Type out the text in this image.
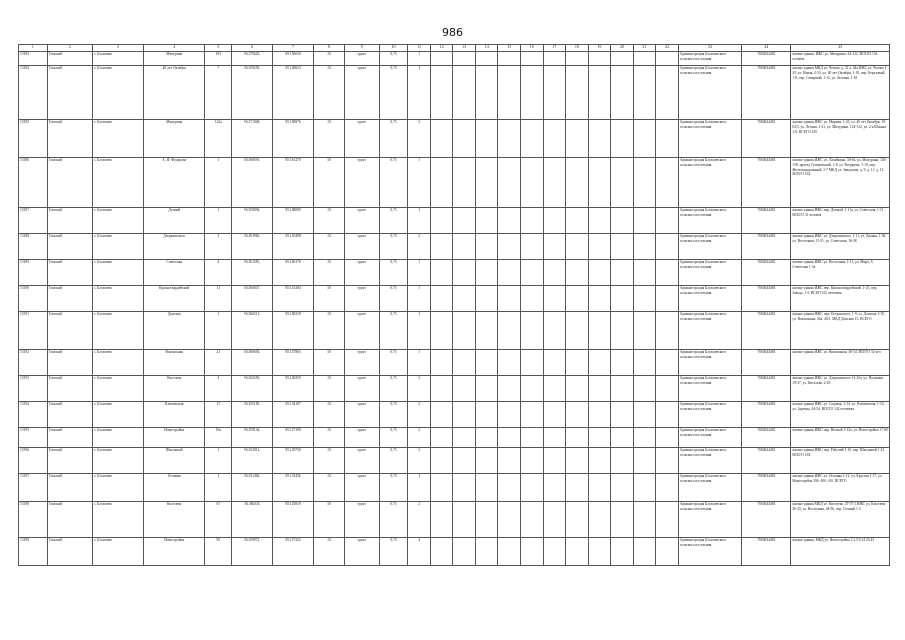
986
1	2	3	4	5	6	7	8	9	10	11	12	13	14	15	16	17	18	19	20	21	22	23	24	25
13183	Томский	с. Богашево	Мичурина	103	56.370625,	85.156630	10	грунт	0,75	1												Администрация Богашевского сельского поселения	7004044465	жилые здания, ИЖС ул. Мичурина, 64-122. ВСЕГО 154 человек
13184	Томский	с. Богашево	40 лет Октября	7	56.359250,	85.148023	10	грунт	0,75	1												Администрация Богашевского сельского поселения	7004044465	жилые здания МКД ул. Чехова, д. 31 а, 34а ИЖС ул. Чехова 1-45, ул. Новая, 2-33, ул. 40 лет Октября, 1-18, пер. Березовый, 1-9, пер. Северный, 1-12, ул. Зеленая, 1-18
13185	Томский	с. Богашево	Мичурина	122а	56.371948,	85.158876	10	грунт	0,75	2												Администрация Богашевского сельского поселения	7004044465	жилые здания ИЖС ул. Мирная, 1-25, ул. 40 лет Октября, 19-62/5, ул. Лесная, 1-21, ул. Мичурина, 124-132, ул. 2-я Южная 1-6. ВСЕГО 329
13186	Томский	с. Богашево	А. Ф. Федорова	1	56.368591,	85.161270	10	грунт	0,75	1												Администрация Богашевского сельского поселения	7004044465	жилые здания ИЖС ул. Лазайкина, 30-64, ул. Мичурина, 126-158, проезд Суворовский, 1-6, ул. Федорова, 1-19, пер. Железнодорожный, 1-7 МКД ул. Заводская, д. 9, д. 11, д. 13. ВСЕГО 162
13187	Томский	с. Богашево	Детный	1	56.358094,	85.148080	10	грунт	0,75	1												Администрация Богашевского сельского поселения	7004044465	жилые здания ИЖС пер. Детный, 1-11а, ул. Советская, 1-11. ВСЕГО 31 человек
13188	Томский	с. Богашево	Дзержинского	3	56.363960,	85.145498	10	грунт	0,75	2												Администрация Богашевского сельского поселения	7004044465	жилые здания ИЖС ул. Дзержинского, 1-11, ул. Дачная, 1-50, ул. Восточная, 11-31, ул. Советская, 16-38
13189	Томский	с. Богашево	Советская	4	56.361581,	85.146176	10	грунт	0,75	1												Администрация Богашевского сельского поселения	7004044465	жилые здания ИЖС ул. Восточная, 1-11, ул. Мира, 9, Советская 1-3а
13190	Томский	с. Богашево	Красногвардейский	11	56.366047,	85.141284	10	грунт	0,75	1												Администрация Богашевского сельского поселения	7004044465	жилые здания ИЖС пер. Красногвардейский, 1-21, пер. Заводь, 1-5. ВСЕГО 62 человека
13191	Томский	с. Богашево	Донская	1	56.366513,	85.148339	10	грунт	0,75	1												Администрация Богашевского сельского поселения	7004044465	жилые здания ИЖС пер. Островского, 1-9, ул. Донская 1-19, ул. Вокзальная, 26а, 26/1, МКД Донская 13. ВСЕГО
13192	Томский	с. Богашево	Вокзальная	21	56.360630,	85.137863	10	грунт	0,75	1												Администрация Богашевского сельского поселения	7004044465	жилые здания ИЖС ул. Вокзальная, 30-34. ВСЕГО 32 чел
13193	Томский	с. Богашево	Киселева	2	56.365250,	85.140259	10	грунт	0,75	2												Администрация Богашевского сельского поселения	7004044465	жилые здания ИЖС ул. Дзержинского 12-23а, ул. Пушкина 19-37, ул. Киселева, 2-20
13194	Томский	с. Богашево	Ключевская	17	56.355185,	85.134187	10	грунт	0,75	2												Администрация Богашевского сельского поселения	7004044465	жилые здания ИЖС ул. Садовая, 1-14, ул. Ключевская, 1-16, ул. Заречна, 44-54. ВСЕГО 142 человека
13195	Томский	с. Богашево	Новостройка	16а	56.359144,	85.127100	10	грунт	0,75	2												Администрация Богашевского сельского поселения	7004044465	жилые здания ИЖС пер. Ночной 1-12а, ул. Новостройка 17-60
13196	Томский	с. Богашево	Школьный	1	56.352812,	85.129730	10	грунт	0,75	2												Администрация Богашевского сельского поселения	7004044465	жилые здания ИЖС пер. Рабочий 1-10, пер. Школьный 1-23. ВСЕГО 163
13197	Томский	с. Богашево	Осенняя	1	56.351440,	85.133436	10	грунт	0,75	1												Администрация Богашевского сельского поселения	7004044465	жилые здания ИЖС ул. Осенняя 1-12, ул. Круглая 1-17, ул. Новостройка 39б, 40б, 41б. ВСЕГО
13198	Томский	с. Богашево	Киселева	67	56.360345	85.125819	10	грунт	0,75	2												Администрация Богашевского сельского поселения	7004044465	жилые здания МКД ул. Киселева, 47-57/1 ИЖС ул. Киселева 20-43, ул. Восточная, 44-56, пер. Сочный 1-2
13199	Томский	с. Богашево	Новостройка	95	56.359972,	85.127232	10	грунт	0,75	4												Администрация Богашевского сельского поселения	7004044465	жилые здания, МКД ул. Новостройка 1,3,5,9,14,35,43
